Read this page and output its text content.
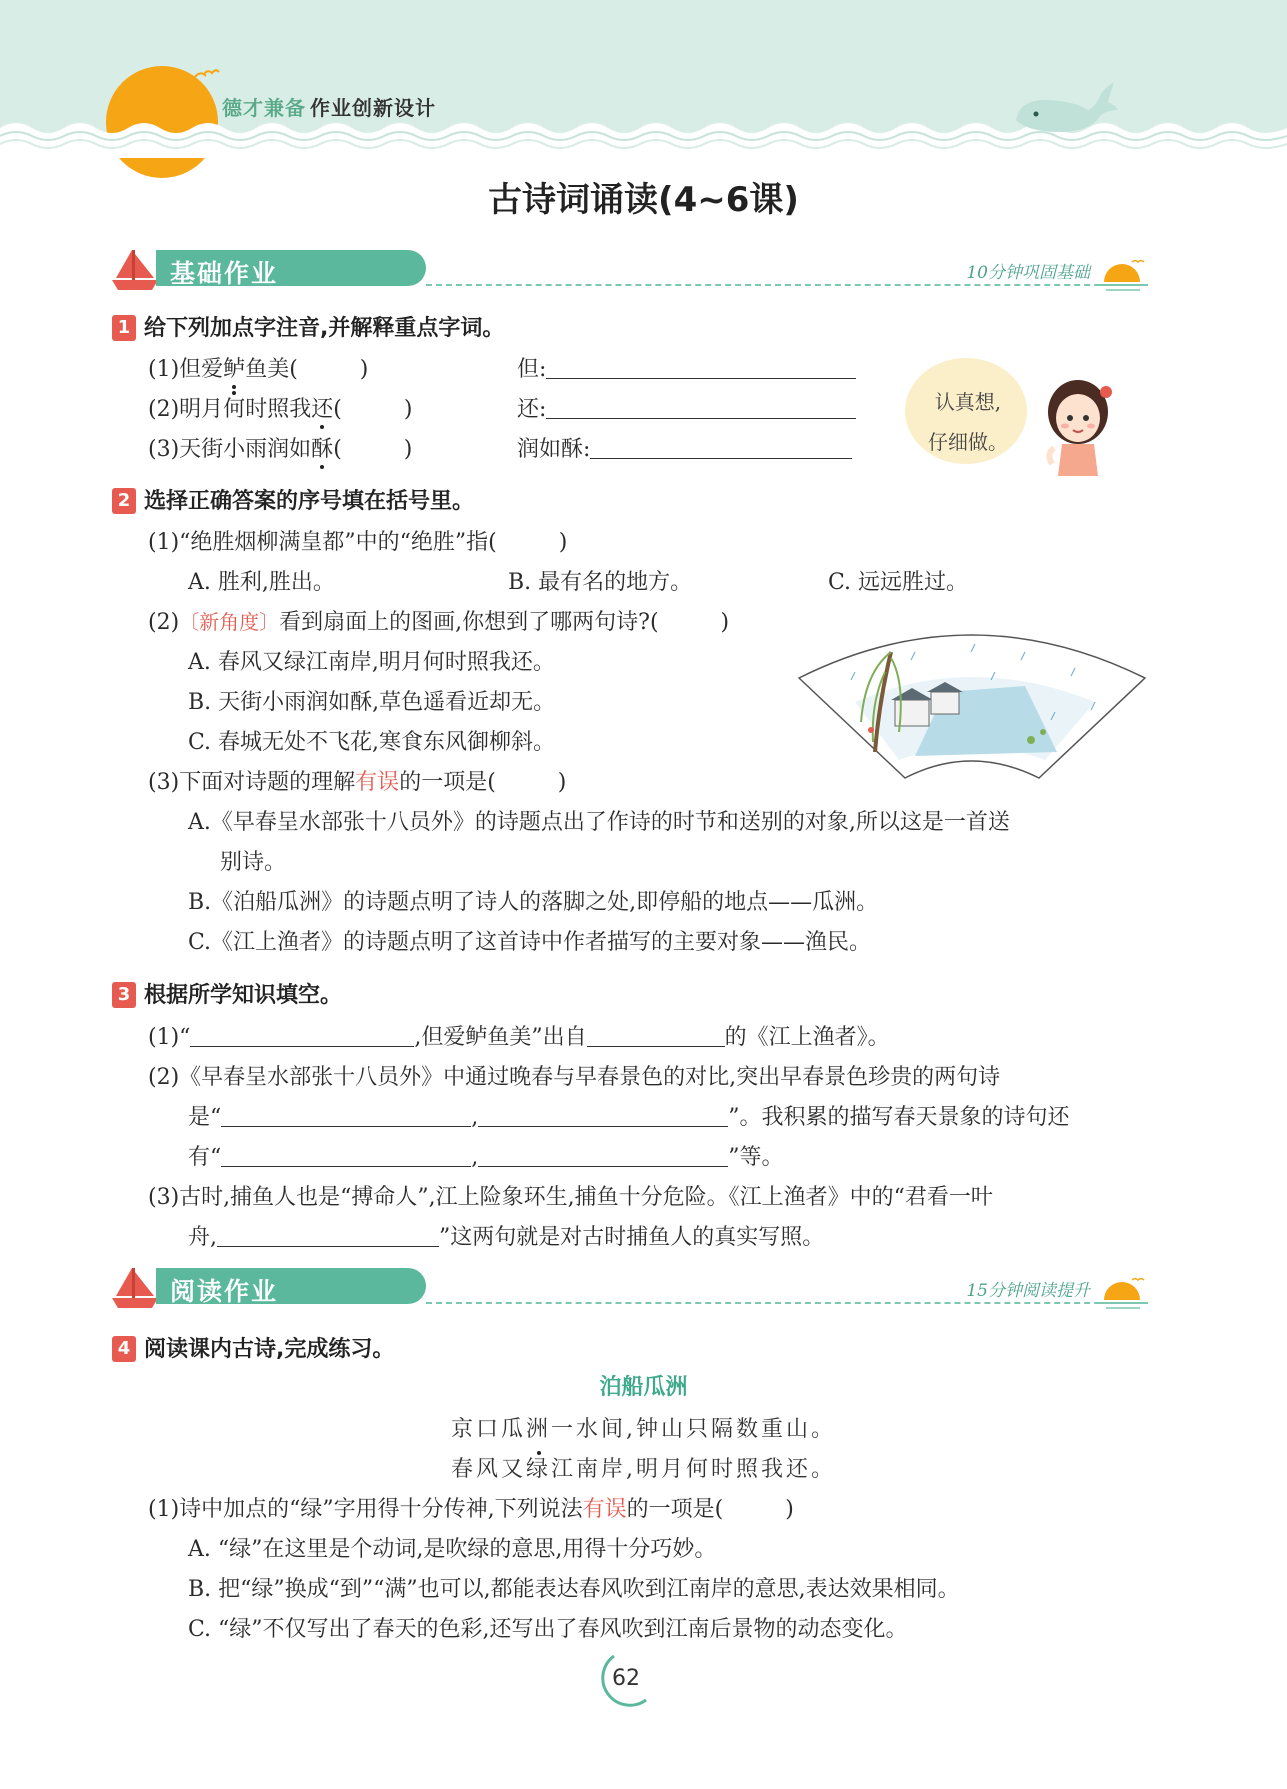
德才兼备 作业创新设计
古诗词诵读(4~6课)
基础作业	10分钟巩固基础
1 给下列加点字注音,并解释重点字词。
(1)但爱鲈鱼美(	)	但:
(2)明月何时照我还(	)	还:
(3)天街小雨润如酥(	)	润如酥:
认真想,
仔细做。
2 选择正确答案的序号填在括号里。
(1)“绝胜烟柳满皇都”中的“绝胜”指(	)
A. 胜利,胜出。	B. 最有名的地方。	C. 远远胜过。
(2)〔新角度〕看到扇面上的图画,你想到了哪两句诗?(	)
A. 春风又绿江南岸,明月何时照我还。
B. 天街小雨润如酥,草色遥看近却无。
C. 春城无处不飞花,寒食东风御柳斜。
(3)下面对诗题的理解有误的一项是(	)
A.《早春呈水部张十八员外》的诗题点出了作诗的时节和送别的对象,所以这是一首送
别诗。
B.《泊船瓜洲》的诗题点明了诗人的落脚之处,即停船的地点——瓜洲。
C.《江上渔者》的诗题点明了这首诗中作者描写的主要对象——渔民。
3 根据所学知识填空。
(1)“	,但爱鲈鱼美”出自	的《江上渔者》。
(2)《早春呈水部张十八员外》中通过晚春与早春景色的对比,突出早春景色珍贵的两句诗
是“	,	”。我积累的描写春天景象的诗句还
有“	,	”等。
(3)古时,捕鱼人也是“搏命人”,江上险象环生,捕鱼十分危险。《江上渔者》中的“君看一叶
舟,	”这两句就是对古时捕鱼人的真实写照。
阅读作业	15分钟阅读提升
4 阅读课内古诗,完成练习。
泊船瓜洲
京口瓜洲一水间,钟山只隔数重山。
春风又绿江南岸,明月何时照我还。
(1)诗中加点的“绿”字用得十分传神,下列说法有误的一项是(	)
A. “绿”在这里是个动词,是吹绿的意思,用得十分巧妙。
B. 把“绿”换成“到”“满”也可以,都能表达春风吹到江南岸的意思,表达效果相同。
C. “绿”不仅写出了春天的色彩,还写出了春风吹到江南后景物的动态变化。
62
